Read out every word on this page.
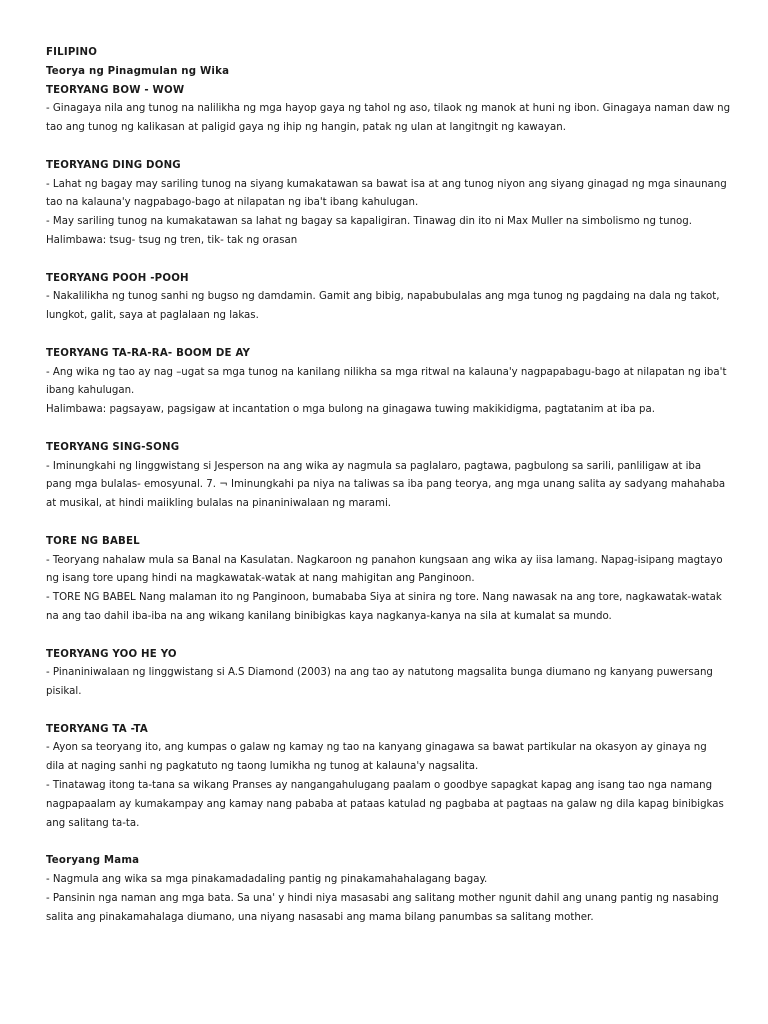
FILIPINO

Teorya ng Pinagmulan ng Wika

TEORYANG BOW - WOW

- Ginagaya nila ang tunog na nalilikha ng mga hayop gaya ng tahol ng aso, tilaok ng manok at huni ng ibon. Ginagaya naman daw ng

tao ang tunog ng kalikasan at paligid gaya ng ihip ng hangin, patak ng ulan at langitngit ng kawayan.

TEORYANG DING DONG

- Lahat ng bagay may sariling tunog na siyang kumakatawan sa bawat isa at ang tunog niyon ang siyang ginagad ng mga sinaunang

tao na kalauna'y nagpabago-bago at nilapatan ng iba't ibang kahulugan.

- May sariling tunog na kumakatawan sa lahat ng bagay sa kapaligiran. Tinawag din ito ni Max Muller na simbolismo ng tunog.

Halimbawa: tsug- tsug ng tren, tik- tak ng orasan

TEORYANG POOH -POOH

- Nakalilikha ng tunog sanhi ng bugso ng damdamin. Gamit ang bibig, napabubulalas ang mga tunog ng pagdaing na dala ng takot,

lungkot, galit, saya at paglalaan ng lakas.

TEORYANG TA-RA-RA- BOOM DE AY

- Ang wika ng tao ay nag –ugat sa mga tunog na kanilang nilikha sa mga ritwal na kalauna'y nagpapabagu-bago at nilapatan ng iba't

ibang kahulugan.

Halimbawa: pagsayaw, pagsigaw at incantation o mga bulong na ginagawa tuwing makikidigma, pagtatanim at iba pa.

TEORYANG SING-SONG

- Iminungkahi ng linggwistang si Jesperson na ang wika ay nagmula sa paglalaro, pagtawa, pagbulong sa sarili, panliligaw at iba

pang mga bulalas- emosyunal. 7. ¬ Iminungkahi pa niya na taliwas sa iba pang teorya, ang mga unang salita ay sadyang mahahaba

at musikal, at hindi maiikling bulalas na pinaniniwalaan ng marami.

TORE NG BABEL

- Teoryang nahalaw mula sa Banal na Kasulatan. Nagkaroon ng panahon kungsaan ang wika ay iisa lamang. Napag-isipang magtayo

ng isang tore upang hindi na magkawatak-watak at nang mahigitan ang Panginoon.

- TORE NG BABEL Nang malaman ito ng Panginoon, bumababa Siya at sinira ng tore. Nang nawasak na ang tore, nagkawatak-watak

na ang tao dahil iba-iba na ang wikang kanilang binibigkas kaya nagkanya-kanya na sila at kumalat sa mundo.

TEORYANG YOO HE YO

- Pinaniniwalaan ng linggwistang si A.S Diamond (2003) na ang tao ay natutong magsalita bunga diumano ng kanyang puwersang

pisikal.

TEORYANG TA -TA

- Ayon sa teoryang ito, ang kumpas o galaw ng kamay ng tao na kanyang ginagawa sa bawat partikular na okasyon ay ginaya ng

dila at naging sanhi ng pagkatuto ng taong lumikha ng tunog at kalauna'y nagsalita.

- Tinatawag itong ta-tana sa wikang Pranses ay nangangahulugang paalam o goodbye sapagkat kapag ang isang tao nga namang

nagpapaalam ay kumakampay ang kamay nang pababa at pataas katulad ng pagbaba at pagtaas na galaw ng dila kapag binibigkas

ang salitang ta-ta.

Teoryang Mama

- Nagmula ang wika sa mga pinakamadadaling pantig ng pinakamahahalagang bagay.

- Pansinin nga naman ang mga bata. Sa una' y hindi niya masasabi ang salitang mother ngunit dahil ang unang pantig ng nasabing

salita ang pinakamahalaga diumano, una niyang nasasabi ang mama bilang panumbas sa salitang mother.
